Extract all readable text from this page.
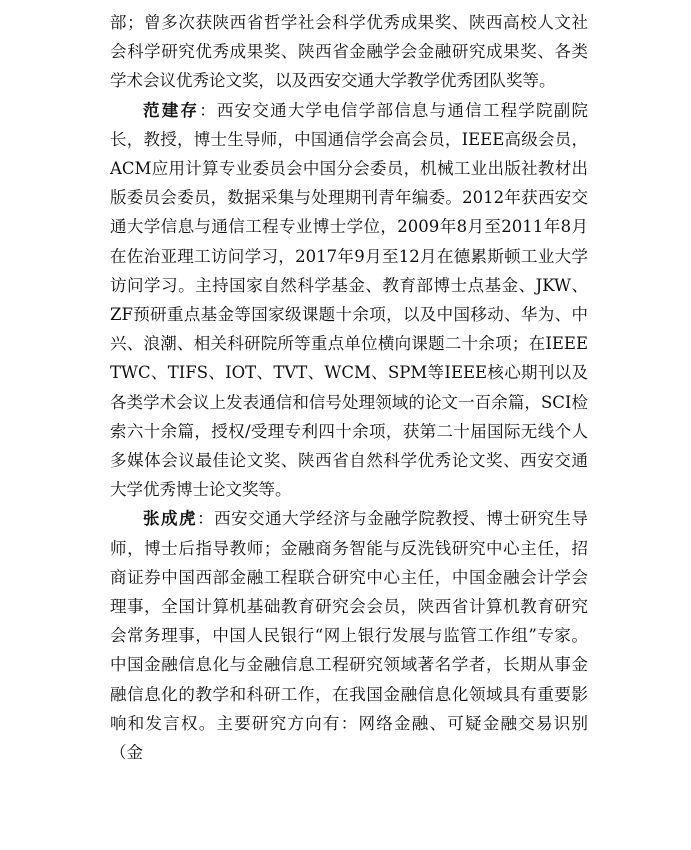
部；曾多次获陕西省哲学社会科学优秀成果奖、陕西高校人文社会科学研究优秀成果奖、陕西省金融学会金融研究成果奖、各类学术会议优秀论文奖，以及西安交通大学教学优秀团队奖等。

范建存：西安交通大学电信学部信息与通信工程学院副院长，教授，博士生导师，中国通信学会高会员，IEEE高级会员，ACM应用计算专业委员会中国分会委员，机械工业出版社教材出版委员会委员，数据采集与处理期刊青年编委。2012年获西安交通大学信息与通信工程专业博士学位，2009年8月至2011年8月在佐治亚理工访问学习，2017年9月至12月在德累斯顿工业大学访问学习。主持国家自然科学基金、教育部博士点基金、JKW、ZF预研重点基金等国家级课题十余项，以及中国移动、华为、中兴、浪潮、相关科研院所等重点单位横向课题二十余项；在IEEE TWC、TIFS、IOT、TVT、WCM、SPM等IEEE核心期刊以及各类学术会议上发表通信和信号处理领域的论文一百余篇，SCI检索六十余篇，授权/受理专利四十余项，获第二十届国际无线个人多媒体会议最佳论文奖、陕西省自然科学优秀论文奖、西安交通大学优秀博士论文奖等。

张成虎：西安交通大学经济与金融学院教授、博士研究生导师，博士后指导教师；金融商务智能与反洗钱研究中心主任，招商证券中国西部金融工程联合研究中心主任，中国金融会计学会理事，全国计算机基础教育研究会会员，陕西省计算机教育研究会常务理事，中国人民银行“网上银行发展与监管工作组”专家。中国金融信息化与金融信息工程研究领域著名学者，长期从事金融信息化的教学和科研工作，在我国金融信息化领域具有重要影响和发言权。主要研究方向有：网络金融、可疑金融交易识别（金
